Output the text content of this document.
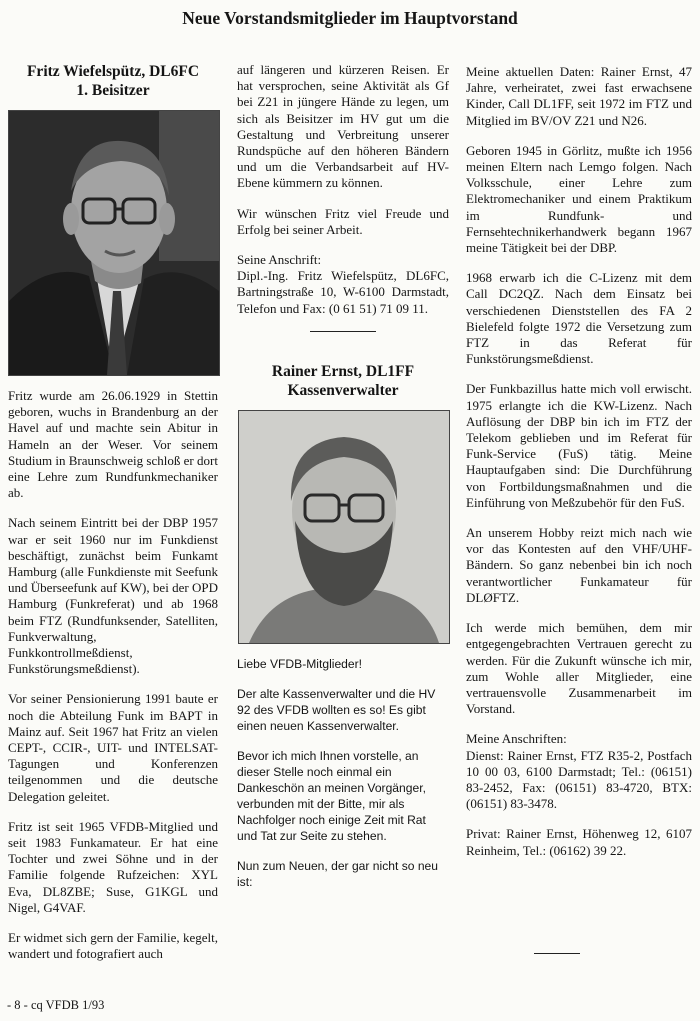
Neue Vorstandsmitglieder im Hauptvorstand
Fritz Wiefelspütz, DL6FC
1. Beisitzer
Fritz wurde am 26.06.1929 in Stettin geboren, wuchs in Brandenburg an der Havel auf und machte sein Abitur in Hameln an der Weser. Vor seinem Studium in Braunschweig schloß er dort eine Lehre zum Rundfunkmechaniker ab.
Nach seinem Eintritt bei der DBP 1957 war er seit 1960 nur im Funkdienst beschäftigt, zunächst beim Funkamt Hamburg (alle Funkdienste mit Seefunk und Überseefunk auf KW), bei der OPD Hamburg (Funkreferat) und ab 1968 beim FTZ (Rundfunksender, Satelliten, Funkverwaltung, Funkkontrollmeßdienst, Funkstörungsmeßdienst).
Vor seiner Pensionierung 1991 baute er noch die Abteilung Funk im BAPT in Mainz auf. Seit 1967 hat Fritz an vielen CEPT-, CCIR-, UIT- und INTELSAT-Tagungen und Konferenzen teilgenommen und die deutsche Delegation geleitet.
Fritz ist seit 1965 VFDB-Mitglied und seit 1983 Funkamateur. Er hat eine Tochter und zwei Söhne und in der Familie folgende Rufzeichen: XYL Eva, DL8ZBE; Suse, G1KGL und Nigel, G4VAF.
Er widmet sich gern der Familie, kegelt, wandert und fotografiert auch
auf längeren und kürzeren Reisen. Er hat versprochen, seine Aktivität als Gf bei Z21 in jüngere Hände zu legen, um sich als Beisitzer im HV gut um die Gestaltung und Verbreitung unserer Rundspüche auf den höheren Bändern und um die Verbandsarbeit auf HV-Ebene kümmern zu können.
Wir wünschen Fritz viel Freude und Erfolg bei seiner Arbeit.
Seine Anschrift:
Dipl.-Ing. Fritz Wiefelspütz, DL6FC, Bartningstraße 10, W-6100 Darmstadt, Telefon und Fax: (0 61 51) 71 09 11.
Rainer Ernst, DL1FF
Kassenverwalter
Liebe VFDB-Mitglieder!
Der alte Kassenverwalter und die HV 92 des VFDB wollten es so! Es gibt einen neuen Kassenverwalter.
Bevor ich mich Ihnen vorstelle, an dieser Stelle noch einmal ein Dankeschön an meinen Vorgänger, verbunden mit der Bitte, mir als Nachfolger noch einige Zeit mit Rat und Tat zur Seite zu stehen.
Nun zum Neuen, der gar nicht so neu ist:
Meine aktuellen Daten: Rainer Ernst, 47 Jahre, verheiratet, zwei fast erwachsene Kinder, Call DL1FF, seit 1972 im FTZ und Mitglied im BV/OV Z21 und N26.
Geboren 1945 in Görlitz, mußte ich 1956 meinen Eltern nach Lemgo folgen. Nach Volksschule, einer Lehre zum Elektromechaniker und einem Praktikum im Rundfunk- und Fernsehtechnikerhandwerk begann 1967 meine Tätigkeit bei der DBP.
1968 erwarb ich die C-Lizenz mit dem Call DC2QZ. Nach dem Einsatz bei verschiedenen Dienststellen des FA 2 Bielefeld folgte 1972 die Versetzung zum FTZ in das Referat für Funkstörungsmeßdienst.
Der Funkbazillus hatte mich voll erwischt. 1975 erlangte ich die KW-Lizenz. Nach Auflösung der DBP bin ich im FTZ der Telekom geblieben und im Referat für Funk-Service (FuS) tätig. Meine Hauptaufgaben sind: Die Durchführung von Fortbildungsmaßnahmen und die Einführung von Meßzubehör für den FuS.
An unserem Hobby reizt mich nach wie vor das Kontesten auf den VHF/UHF-Bändern. So ganz nebenbei bin ich noch verantwortlicher Funkamateur für DLØFTZ.
Ich werde mich bemühen, dem mir entgegengebrachten Vertrauen gerecht zu werden. Für die Zukunft wünsche ich mir, zum Wohle aller Mitglieder, eine vertrauensvolle Zusammenarbeit im Vorstand.
Meine Anschriften:
Dienst: Rainer Ernst, FTZ R35-2, Postfach 10 00 03, 6100 Darmstadt; Tel.: (06151) 83-2452, Fax: (06151) 83-4720, BTX: (06151) 83-3478.
Privat: Rainer Ernst, Höhenweg 12, 6107 Reinheim, Tel.: (06162) 39 22.
- 8 - cq VFDB 1/93
